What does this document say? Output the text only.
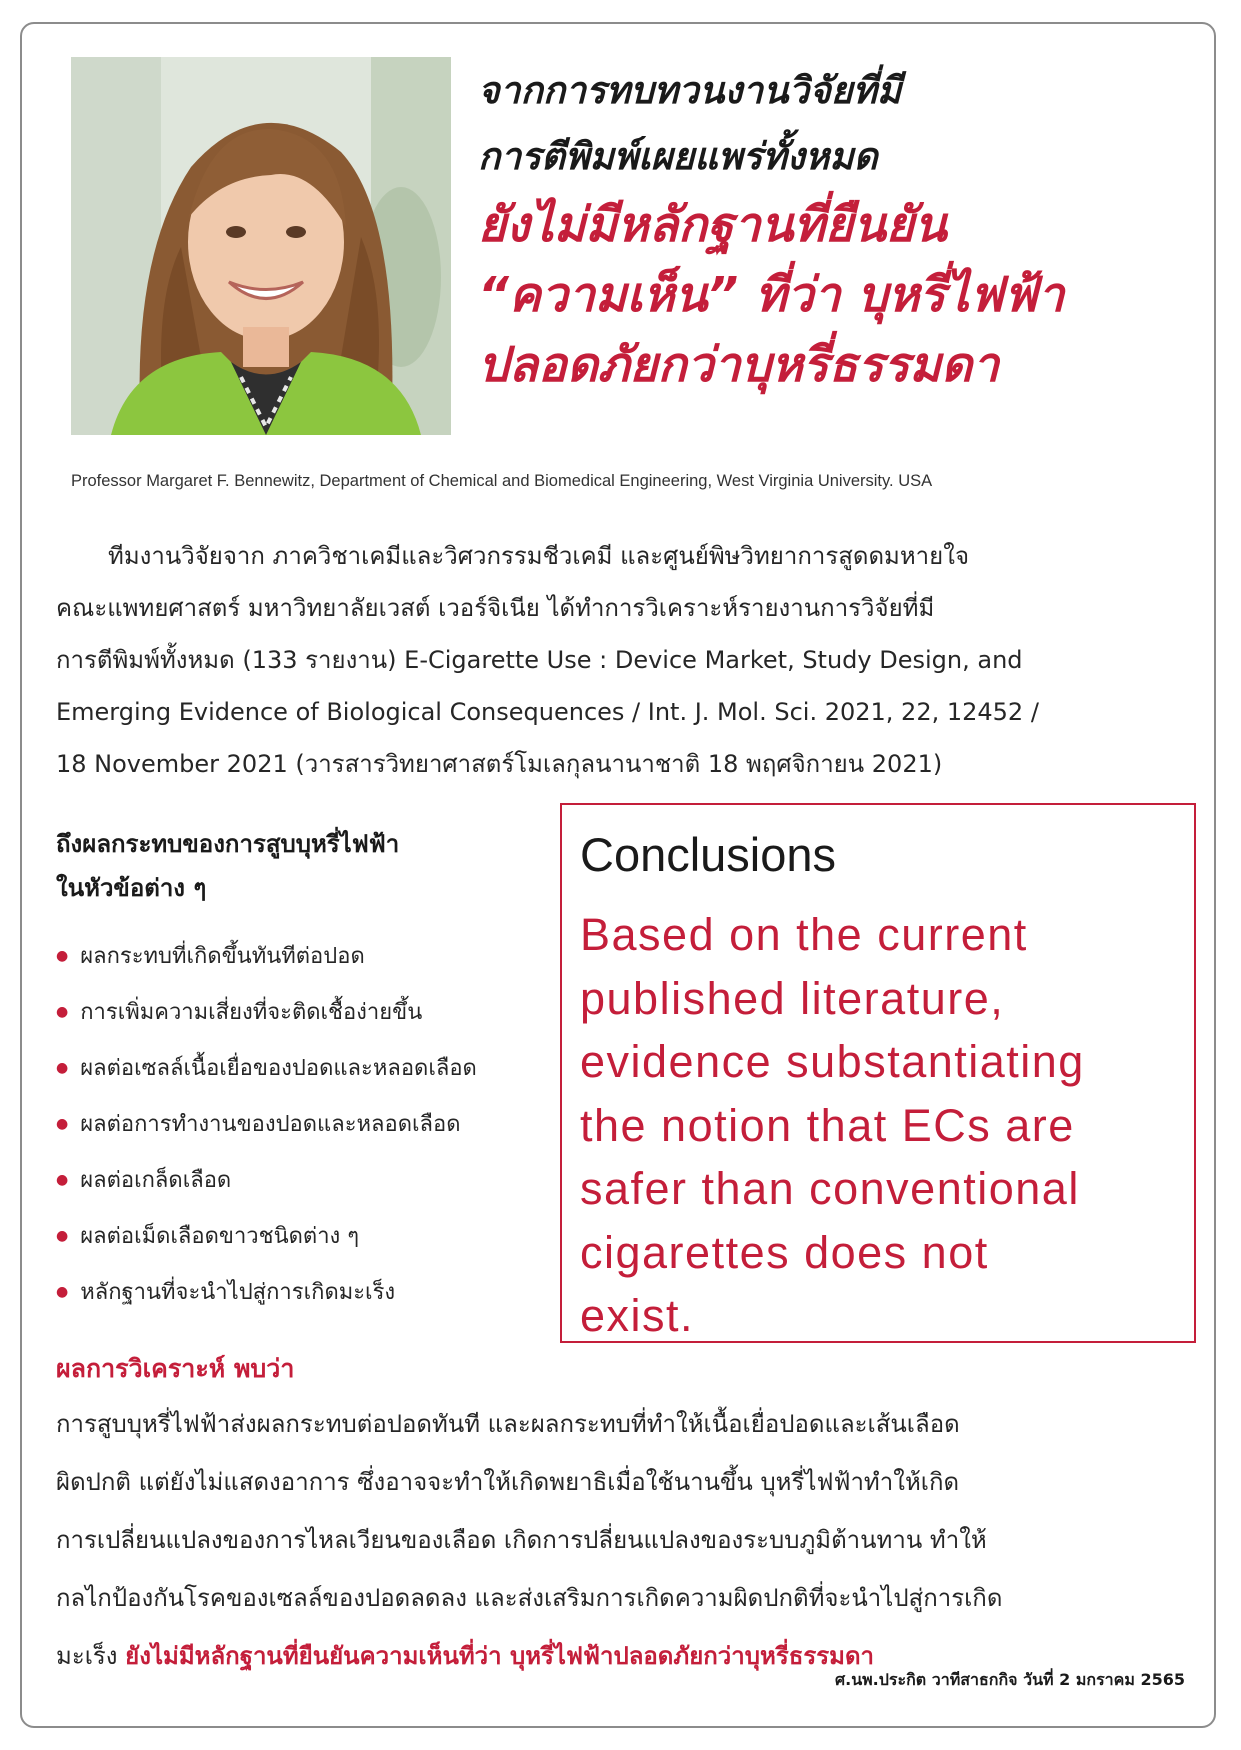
จากการทบทวนงานวิจัยที่มี
การตีพิมพ์เผยแพร่ทั้งหมด
ยังไม่มีหลักฐานที่ยืนยัน
“ความเห็น” ที่ว่า บุหรี่ไฟฟ้า
ปลอดภัยกว่าบุหรี่ธรรมดา
Professor Margaret F. Bennewitz, Department of Chemical and Biomedical Engineering, West Virginia University. USA
ทีมงานวิจัยจาก ภาควิชาเคมีและวิศวกรรมชีวเคมี และศูนย์พิษวิทยาการสูดดมหายใจ
คณะแพทยศาสตร์ มหาวิทยาลัยเวสต์ เวอร์จิเนีย ได้ทำการวิเคราะห์รายงานการวิจัยที่มี
การตีพิมพ์ทั้งหมด (133 รายงาน) E-Cigarette Use : Device Market, Study Design, and
Emerging Evidence of Biological Consequences / Int. J. Mol. Sci. 2021, 22, 12452 /
18 November 2021 (วารสารวิทยาศาสตร์โมเลกุลนานาชาติ 18 พฤศจิกายน 2021)
ถึงผลกระทบของการสูบบุหรี่ไฟฟ้า
ในหัวข้อต่าง ๆ
● ผลกระทบที่เกิดขึ้นทันทีต่อปอด
● การเพิ่มความเสี่ยงที่จะติดเชื้อง่ายขึ้น
● ผลต่อเซลล์เนื้อเยื่อของปอดและหลอดเลือด
● ผลต่อการทำงานของปอดและหลอดเลือด
● ผลต่อเกล็ดเลือด
● ผลต่อเม็ดเลือดขาวชนิดต่าง ๆ
● หลักฐานที่จะนำไปสู่การเกิดมะเร็ง
Conclusions
Based on the current
published literature,
evidence substantiating
the notion that ECs are
safer than conventional
cigarettes does not
exist.
ผลการวิเคราะห์ พบว่า
การสูบบุหรี่ไฟฟ้าส่งผลกระทบต่อปอดทันที และผลกระทบที่ทำให้เนื้อเยื่อปอดและเส้นเลือด
ผิดปกติ แต่ยังไม่แสดงอาการ ซึ่งอาจจะทำให้เกิดพยาธิเมื่อใช้นานขึ้น บุหรี่ไฟฟ้าทำให้เกิด
การเปลี่ยนแปลงของการไหลเวียนของเลือด เกิดการปลี่ยนแปลงของระบบภูมิต้านทาน ทำให้
กลไกป้องกันโรคของเซลล์ของปอดลดลง และส่งเสริมการเกิดความผิดปกติที่จะนำไปสู่การเกิด
มะเร็ง ยังไม่มีหลักฐานที่ยืนยันความเห็นที่ว่า บุหรี่ไฟฟ้าปลอดภัยกว่าบุหรี่ธรรมดา
ศ.นพ.ประกิต วาทีสาธกกิจ วันที่ 2 มกราคม 2565
